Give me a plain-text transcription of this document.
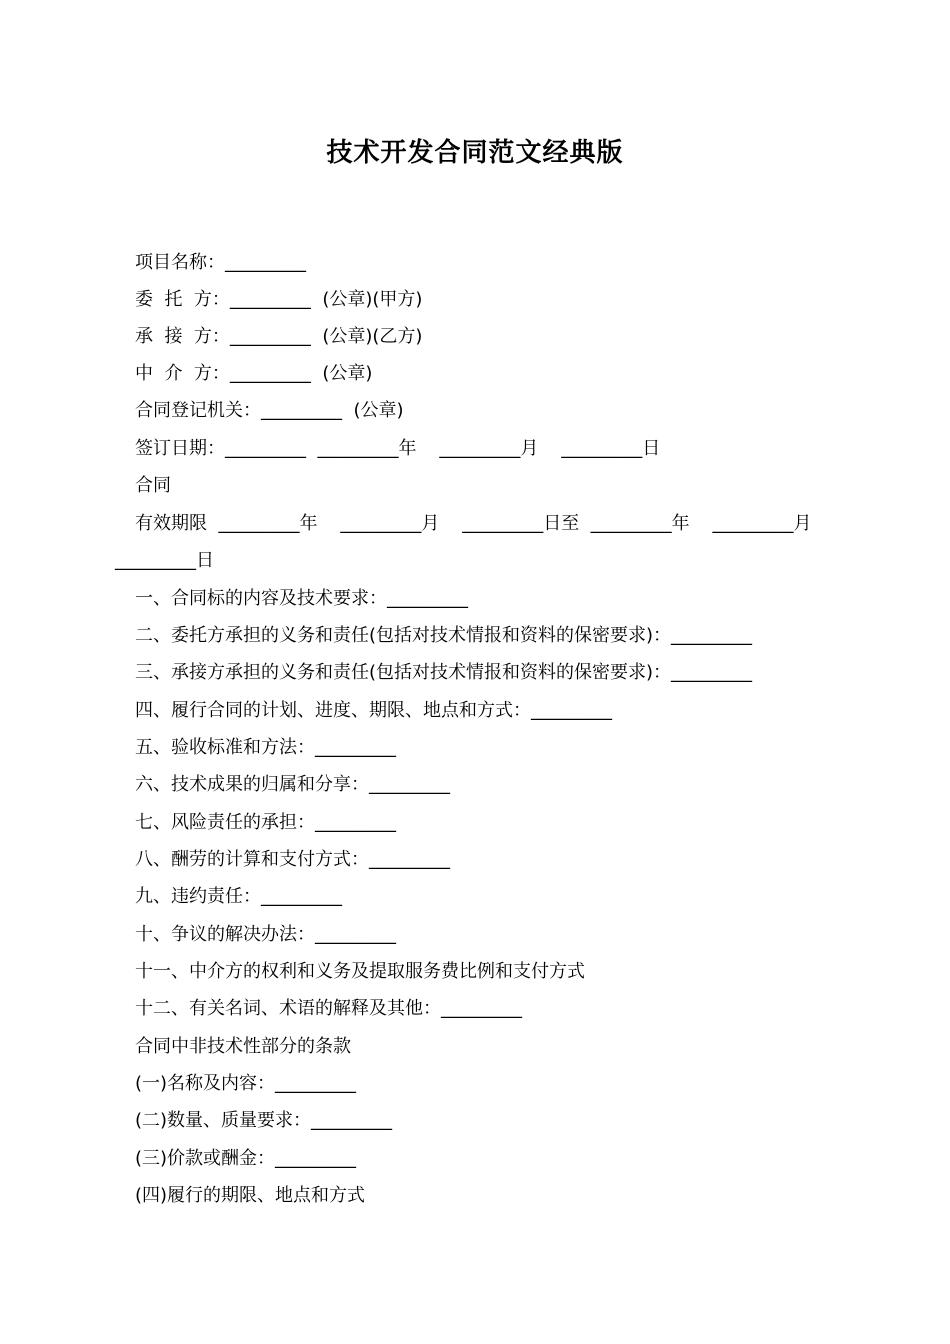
技术开发合同范文经典版
项目名称：_________
委  托  方：_________  (公章)(甲方)
承  接  方：_________  (公章)(乙方)
中  介  方：_________  (公章)
合同登记机关：_________  (公章)
签订日期：_________  _________年    _________月    _________日
合同
有效期限  _________年    _________月    _________日至  _________年    _________月
_________日
一、合同标的内容及技术要求：_________
二、委托方承担的义务和责任(包括对技术情报和资料的保密要求)：_________
三、承接方承担的义务和责任(包括对技术情报和资料的保密要求)：_________
四、履行合同的计划、进度、期限、地点和方式：_________
五、验收标准和方法：_________
六、技术成果的归属和分享：_________
七、风险责任的承担：_________
八、酬劳的计算和支付方式：_________
九、违约责任：_________
十、争议的解决办法：_________
十一、中介方的权利和义务及提取服务费比例和支付方式
十二、有关名词、术语的解释及其他：_________
合同中非技术性部分的条款
(一)名称及内容：_________
(二)数量、质量要求：_________
(三)价款或酬金：_________
(四)履行的期限、地点和方式
